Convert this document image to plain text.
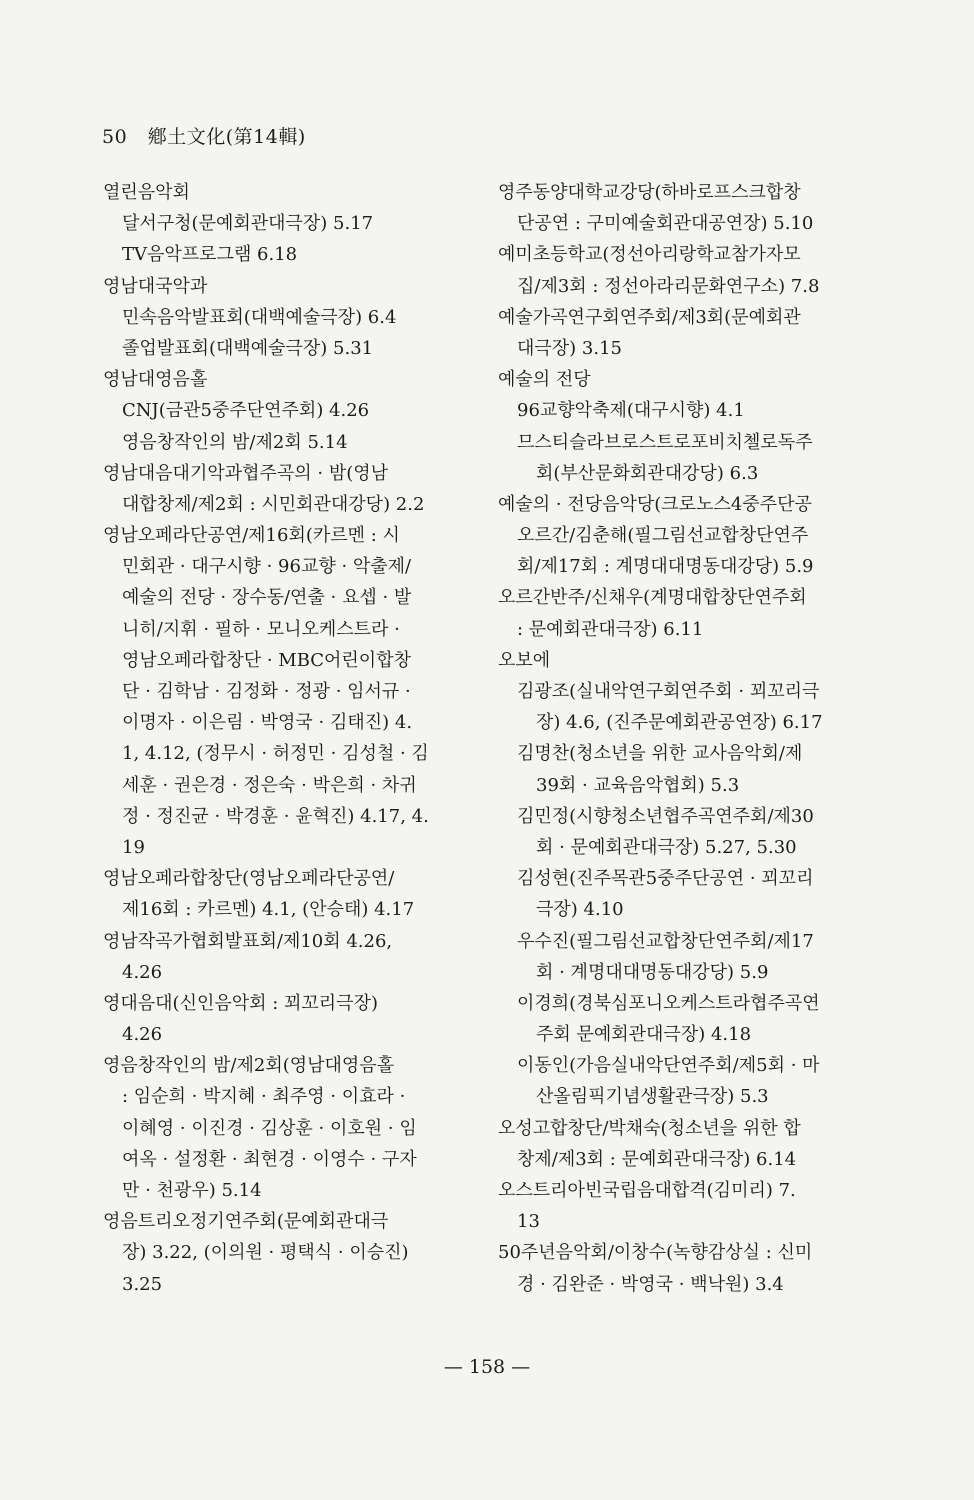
50 鄕土文化(第14輯)
열린음악회
달서구청(문예회관대극장) 5.17
TV음악프로그램 6.18
영남대국악과
민속음악발표회(대백예술극장) 6.4
졸업발표회(대백예술극장) 5.31
영남대영음홀
CNJ(금관5중주단연주회) 4.26
영음창작인의 밤/제2회 5.14
영남대음대기악과협주곡의 · 밤(영남
대합창제/제2회 : 시민회관대강당) 2.2
영남오페라단공연/제16회(카르멘 : 시
민회관 · 대구시향 · 96교향 · 악출제/
예술의 전당 · 장수동/연출 · 요셉 · 발
니히/지휘 · 필하 · 모니오케스트라 ·
영남오페라합창단 · MBC어린이합창
단 · 김학남 · 김정화 · 정광 · 임서규 ·
이명자 · 이은림 · 박영국 · 김태진) 4.
1, 4.12, (정무시 · 허정민 · 김성철 · 김
세훈 · 권은경 · 정은숙 · 박은희 · 차귀
정 · 정진균 · 박경훈 · 윤혁진) 4.17, 4.
19
영남오페라합창단(영남오페라단공연/
제16회 : 카르멘) 4.1, (안승태) 4.17
영남작곡가협회발표회/제10회 4.26,
4.26
영대음대(신인음악회 : 꾀꼬리극장)
4.26
영음창작인의 밤/제2회(영남대영음홀
: 임순희 · 박지혜 · 최주영 · 이효라 ·
이혜영 · 이진경 · 김상훈 · 이호원 · 임
여옥 · 설정환 · 최현경 · 이영수 · 구자
만 · 천광우) 5.14
영음트리오정기연주회(문예회관대극
장) 3.22, (이의원 · 평택식 · 이승진)
3.25
영주동양대학교강당(하바로프스크합창
단공연 : 구미예술회관대공연장) 5.10
예미초등학교(정선아리랑학교참가자모
집/제3회 : 정선아라리문화연구소) 7.8
예술가곡연구회연주회/제3회(문예회관
대극장) 3.15
예술의 전당
96교향악축제(대구시향) 4.1
므스티슬라브로스트로포비치첼로독주
회(부산문화회관대강당) 6.3
예술의 · 전당음악당(크로노스4중주단공
오르간/김춘해(필그림선교합창단연주
회/제17회 : 계명대대명동대강당) 5.9
오르간반주/신채우(계명대합창단연주회
: 문예회관대극장) 6.11
오보에
김광조(실내악연구회연주회 · 꾀꼬리극
장) 4.6, (진주문예회관공연장) 6.17
김명찬(청소년을 위한 교사음악회/제
39회 · 교육음악협회) 5.3
김민정(시향청소년협주곡연주회/제30
회 · 문예회관대극장) 5.27, 5.30
김성현(진주목관5중주단공연 · 꾀꼬리
극장) 4.10
우수진(필그림선교합창단연주회/제17
회 · 계명대대명동대강당) 5.9
이경희(경북심포니오케스트라협주곡연
주회 문예회관대극장) 4.18
이동인(가음실내악단연주회/제5회 · 마
산올림픽기념생활관극장) 5.3
오성고합창단/박채숙(청소년을 위한 합
창제/제3회 : 문예회관대극장) 6.14
오스트리아빈국립음대합격(김미리) 7.
13
50주년음악회/이창수(녹향감상실 : 신미
경 · 김완준 · 박영국 · 백낙원) 3.4
— 158 —
